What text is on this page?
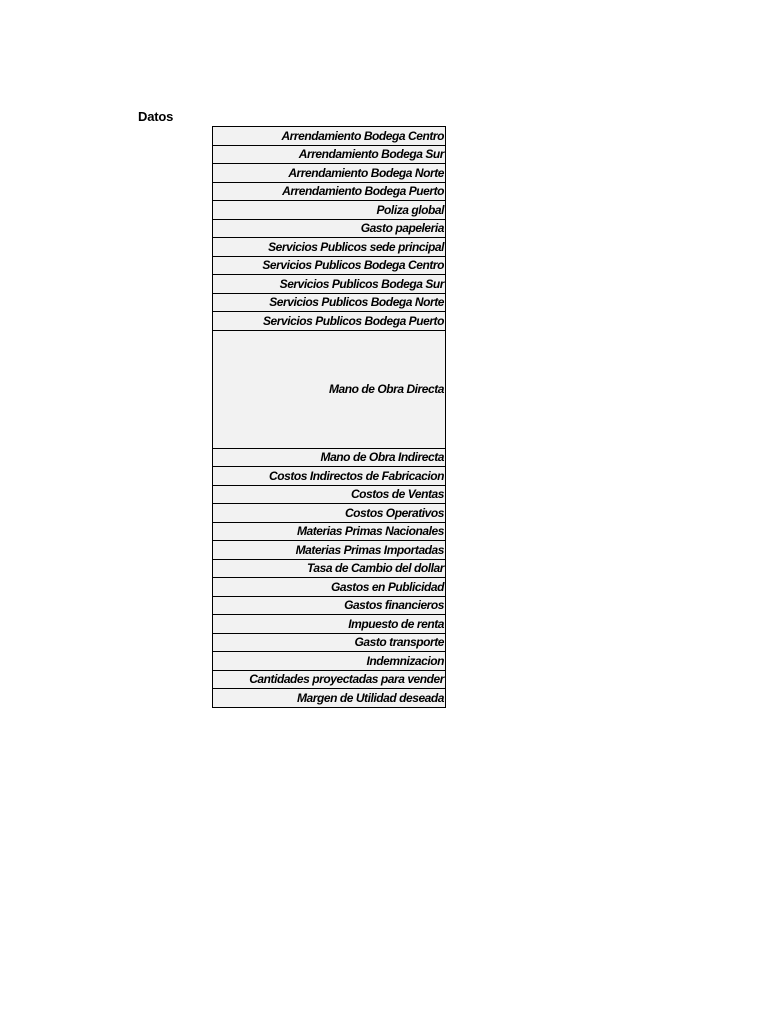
Datos
Arrendamiento Bodega Centro
Arrendamiento Bodega Sur
Arrendamiento Bodega Norte
Arrendamiento Bodega Puerto
Poliza global
Gasto papeleria
Servicios Publicos sede principal
Servicios Publicos Bodega Centro
Servicios Publicos Bodega Sur
Servicios Publicos Bodega Norte
Servicios Publicos Bodega Puerto
Mano de Obra Directa
Mano de Obra Indirecta
Costos Indirectos de Fabricacion
Costos de Ventas
Costos Operativos
Materias Primas Nacionales
Materias Primas Importadas
Tasa de Cambio del dollar
Gastos en Publicidad
Gastos financieros
Impuesto de renta
Gasto transporte
Indemnizacion
Cantidades proyectadas para vender
Margen de Utilidad deseada
